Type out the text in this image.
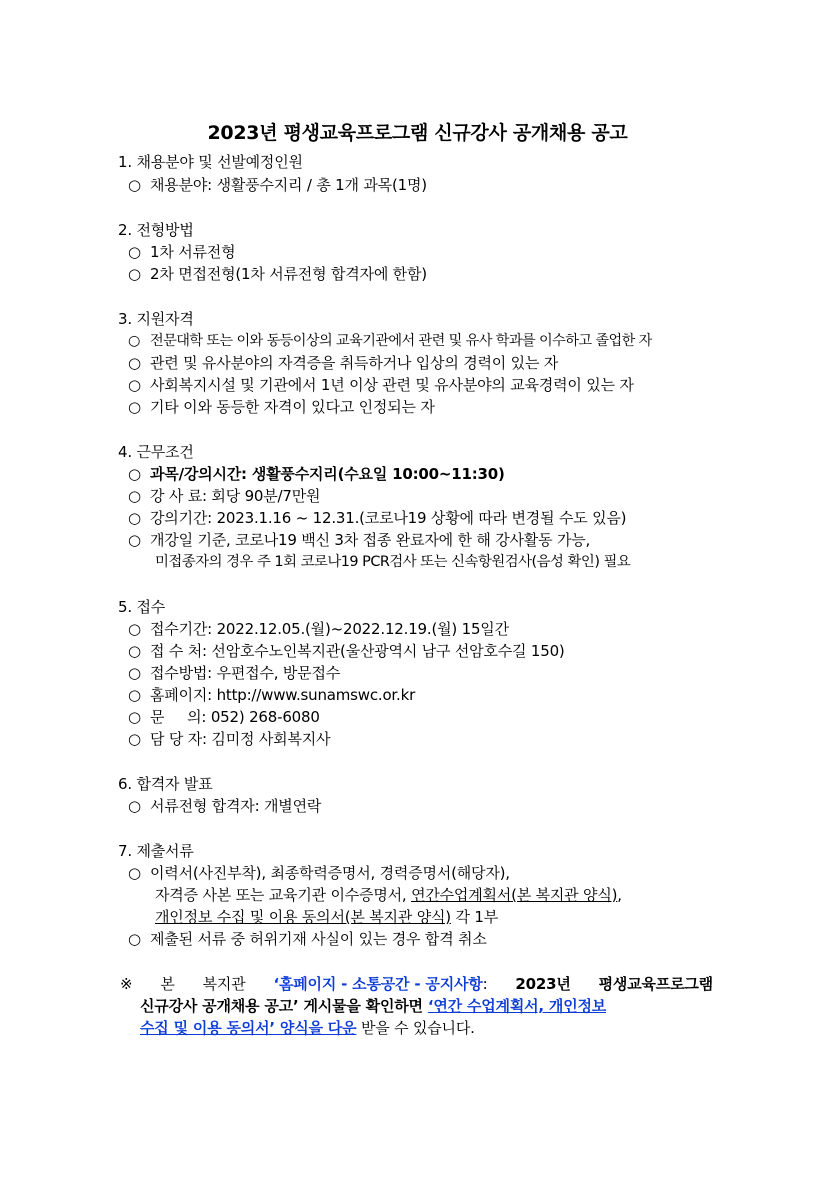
2023년 평생교육프로그램 신규강사 공개채용 공고
1. 채용분야 및 선발예정인원
○ 채용분야: 생활풍수지리 / 총 1개 과목(1명)
2. 전형방법
○ 1차 서류전형
○ 2차 면접전형(1차 서류전형 합격자에 한함)
3. 지원자격
○ 전문대학 또는 이와 동등이상의 교육기관에서 관련 및 유사 학과를 이수하고 졸업한 자
○ 관련 및 유사분야의 자격증을 취득하거나 입상의 경력이 있는 자
○ 사회복지시설 및 기관에서 1년 이상 관련 및 유사분야의 교육경력이 있는 자
○ 기타 이와 동등한 자격이 있다고 인정되는 자
4. 근무조건
○ 과목/강의시간: 생활풍수지리(수요일 10:00~11:30)
○ 강 사 료: 회당 90분/7만원
○ 강의기간: 2023.1.16 ~ 12.31.(코로나19 상황에 따라 변경될 수도 있음)
○ 개강일 기준, 코로나19 백신 3차 접종 완료자에 한 해 강사활동 가능,
미접종자의 경우 주 1회 코로나19 PCR검사 또는 신속항원검사(음성 확인) 필요
5. 접수
○ 접수기간: 2022.12.05.(월)~2022.12.19.(월) 15일간
○ 접 수 처: 선암호수노인복지관(울산광역시 남구 선암호수길 150)
○ 접수방법: 우편접수, 방문접수
○ 홈페이지: http://www.sunamswc.or.kr
○ 문     의: 052) 268-6080
○ 담 당 자: 김미정 사회복지사
6. 합격자 발표
○ 서류전형 합격자: 개별연락
7. 제출서류
○ 이력서(사진부착), 최종학력증명서, 경력증명서(해당자),
자격증 사본 또는 교육기관 이수증명서, 연간수업계획서(본 복지관 양식),
개인정보 수집 및 이용 동의서(본 복지관 양식) 각 1부
○ 제출된 서류 중 허위기재 사실이 있는 경우 합격 취소
※ 본 복지관 ‘홈페이지 - 소통공간 - 공지사항: 2023년 평생교육프로그램
신규강사 공개채용 공고’ 게시물을 확인하면 ‘연간 수업계획서, 개인정보
수집 및 이용 동의서’ 양식을 다운 받을 수 있습니다.
